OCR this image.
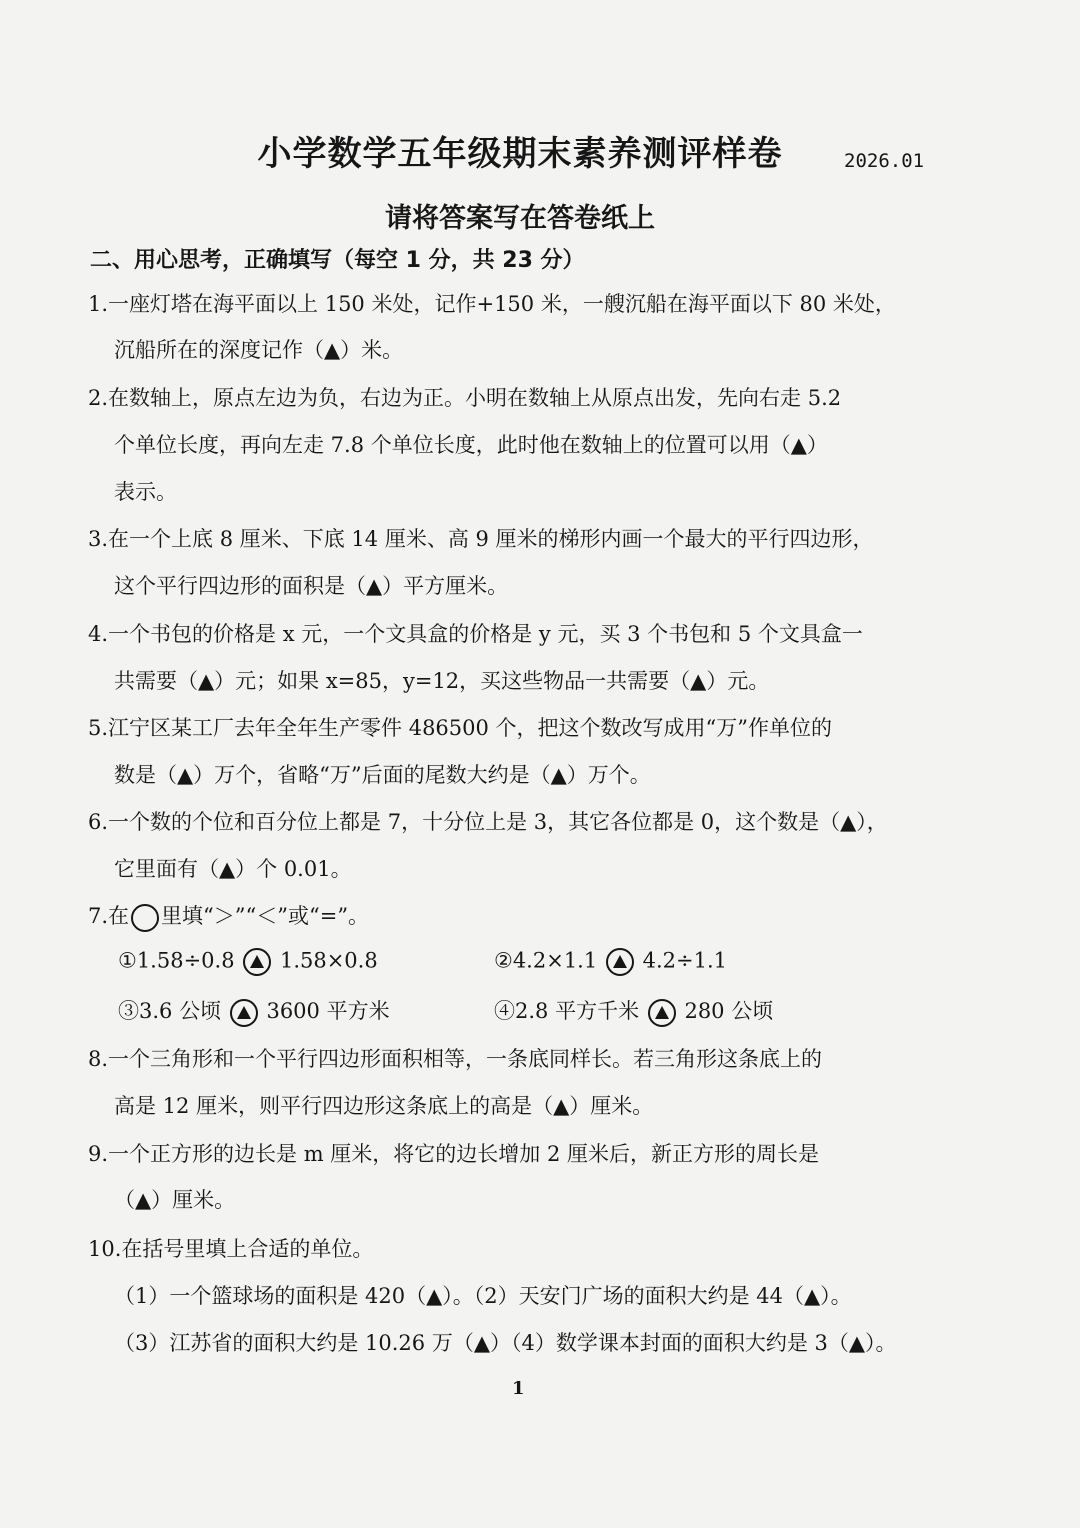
小学数学五年级期末素养测评样卷	2026.01
请将答案写在答卷纸上
二、用心思考，正确填写（每空 1 分，共 23 分）
1.一座灯塔在海平面以上 150 米处，记作+150 米，一艘沉船在海平面以下 80 米处，
沉船所在的深度记作（▲）米。
2.在数轴上，原点左边为负，右边为正。小明在数轴上从原点出发，先向右走 5.2
个单位长度，再向左走 7.8 个单位长度，此时他在数轴上的位置可以用（▲）
表示。
3.在一个上底 8 厘米、下底 14 厘米、高 9 厘米的梯形内画一个最大的平行四边形，
这个平行四边形的面积是（▲）平方厘米。
4.一个书包的价格是 x 元，一个文具盒的价格是 y 元，买 3 个书包和 5 个文具盒一
共需要（▲）元；如果 x=85，y=12，买这些物品一共需要（▲）元。
5.江宁区某工厂去年全年生产零件 486500 个，把这个数改写成用“万”作单位的
数是（▲）万个，省略“万”后面的尾数大约是（▲）万个。
6.一个数的个位和百分位上都是 7，十分位上是 3，其它各位都是 0，这个数是（▲），
它里面有（▲）个 0.01。
7.在 里填“＞”“＜”或“=”。
①1.58÷0.8 1.58×0.8	②4.2×1.1 4.2÷1.1
③3.6 公顷 3600 平方米	④2.8 平方千米 280 公顷
8.一个三角形和一个平行四边形面积相等，一条底同样长。若三角形这条底上的
高是 12 厘米，则平行四边形这条底上的高是（▲）厘米。
9.一个正方形的边长是 m 厘米，将它的边长增加 2 厘米后，新正方形的周长是
（▲）厘米。
10.在括号里填上合适的单位。
（1）一个篮球场的面积是 420（▲）。（2）天安门广场的面积大约是 44（▲）。
（3）江苏省的面积大约是 10.26 万（▲）（4）数学课本封面的面积大约是 3（▲）。
1
